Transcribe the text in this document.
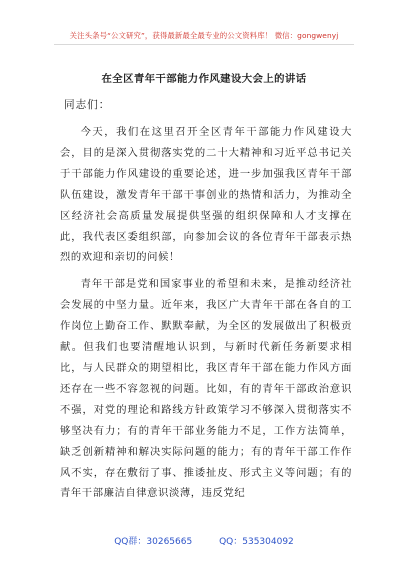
关注头条号“公文研究”，获得最新最全最专业的公文资料库！ 微信：gongwenyj
在全区青年干部能力作风建设大会上的讲话
同志们：

今天，我们在这里召开全区青年干部能力作风建设大会，目的是深入贯彻落实党的二十大精神和习近平总书记关于干部能力作风建设的重要论述，进一步加强我区青年干部队伍建设，激发青年干部干事创业的热情和活力，为推动全区经济社会高质量发展提供坚强的组织保障和人才支撑在此，我代表区委组织部，向参加会议的各位青年干部表示热烈的欢迎和亲切的问候！

青年干部是党和国家事业的希望和未来，是推动经济社会发展的中坚力量。近年来，我区广大青年干部在各自的工作岗位上勤奋工作、默默奉献，为全区的发展做出了积极贡献。但我们也要清醒地认识到，与新时代新任务新要求相比，与人民群众的期望相比，我区青年干部在能力作风方面还存在一些不容忽视的问题。比如，有的青年干部政治意识不强，对党的理论和路线方针政策学习不够深入贯彻落实不够坚决有力；有的青年干部业务能力不足，工作方法简单，缺乏创新精神和解决实际问题的能力；有的青年干部工作作风不实，存在敷衍了事、推诿扯皮、形式主义等问题；有的青年干部廉洁自律意识淡薄，违反党纪

QQ群：30265665	QQ：535304092
